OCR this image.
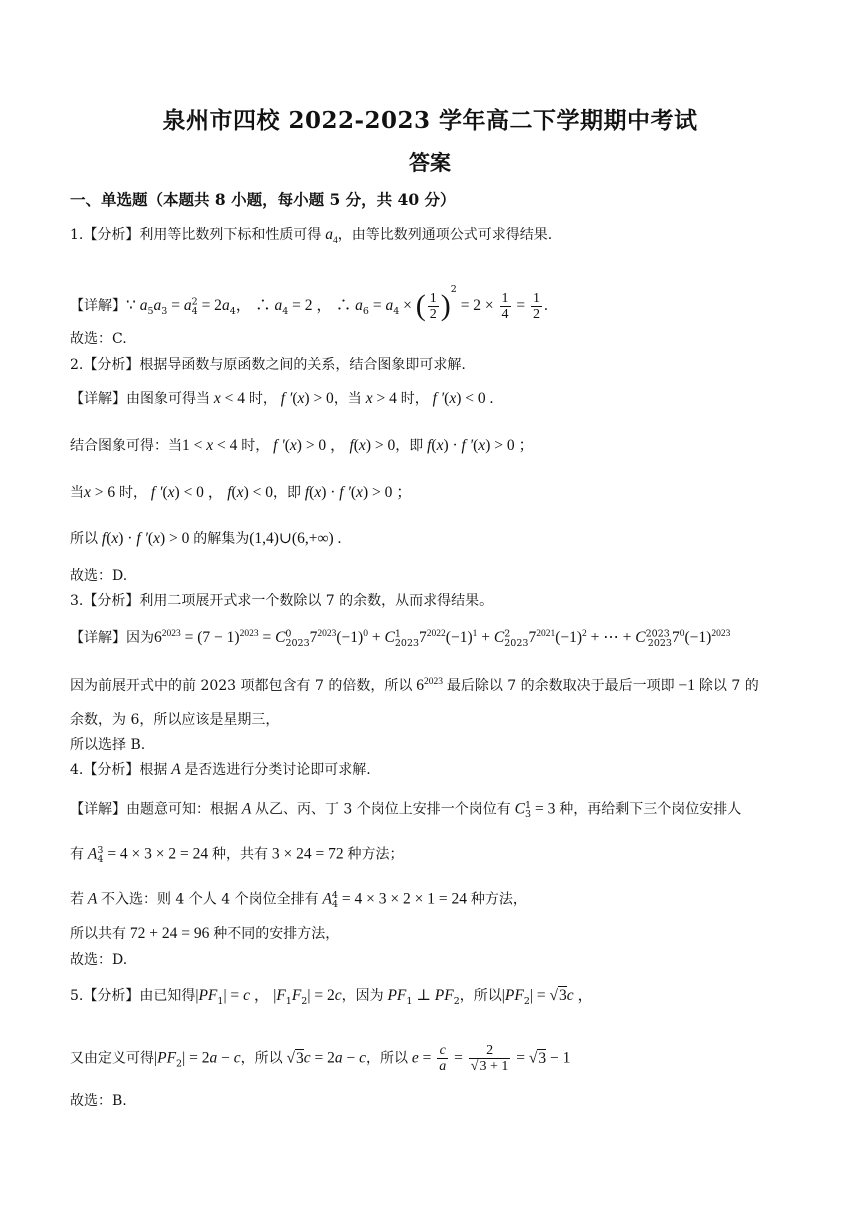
泉州市四校 2022-2023 学年高二下学期期中考试
答案
一、单选题（本题共 8 小题，每小题 5 分，共 40 分）
1.【分析】利用等比数列下标和性质可得 $a_4$，由等比数列通项公式可求得结果.
【详解】∵ $a_5a_3 = a^2_4 = 2a_4$， ∴ $a_4 = 2$ ， ∴ $a_6 = a_4$ × ( $\frac{1}{2} )^2 = 2 \times \frac{1}{4} = \frac{1}{2}$ .
故选：C.
2.【分析】根据导函数与原函数之间的关系，结合图象即可求解.
【详解】由图象可得当 x < 4 时， f ′(x) > 0，当 x > 4 时， f ′(x) < 0 .
结合图象可得：当1 < x < 4 时， f ′(x) > 0 ， f(x) > 0，即 f(x) · f ′(x) > 0 ；
当x > 6 时， f ′(x) < 0 ， f(x) < 0，即 f(x) · f ′(x) > 0 ；
所以 f(x) · f ′(x) > 0 的解集为(1,4)∪(6,+∞) .
故选：D.
3.【分析】利用二项展开式求一个数除以 7 的余数，从而求得结果。
【详解】因为$6^{2023} = (7 - 1)^{2023} = C^0_{2023}7^{2023}(-1)^0 + C^1_{2023}7^{2022}(-1)^1 + C^2_{2023}7^{2021}(-1)^2$ + ⋯ + $C^{2023}_{2023}7^0(-1)^{2023}$
因为前展开式中的前 2023 项都包含有 7 的倍数，所以 $6^{2023}$ 最后除以 7 的余数取决于最后一项即 −1 除以 7 的
余数，为 6，所以应该是星期三，
所以选择 B.
4.【分析】根据 A 是否选进行分类讨论即可求解.
【详解】由题意可知：根据 A 从乙、丙、丁 3 个岗位上安排一个岗位有 $C^1_3 = 3$ 种，再给剩下三个岗位安排人
有 $A^3_4 = 4 \times 3 \times 2 = 24$ 种，共有 3 × 24 = 72 种方法；
若 A 不入选：则 4 个人 4 个岗位全排有 $A^4_4 = 4 \times 3 \times 2 \times 1 = 24$ 种方法，
所以共有 72 + 24 = 96 种不同的安排方法，
故选：D.
5.【分析】由已知得$|PF_1| = c$ ， $|F_1F_2| = 2c$，因为 $PF_1$ ⊥ $PF_2$，所以$|PF_2| = √3c$ ，
又由定义可得$|PF_2| = 2a - c$，所以 √3c = 2a − c，所以 $e = \frac{c}{a} = \frac{2}{√3 + 1} = √3 - 1$
故选：B.
